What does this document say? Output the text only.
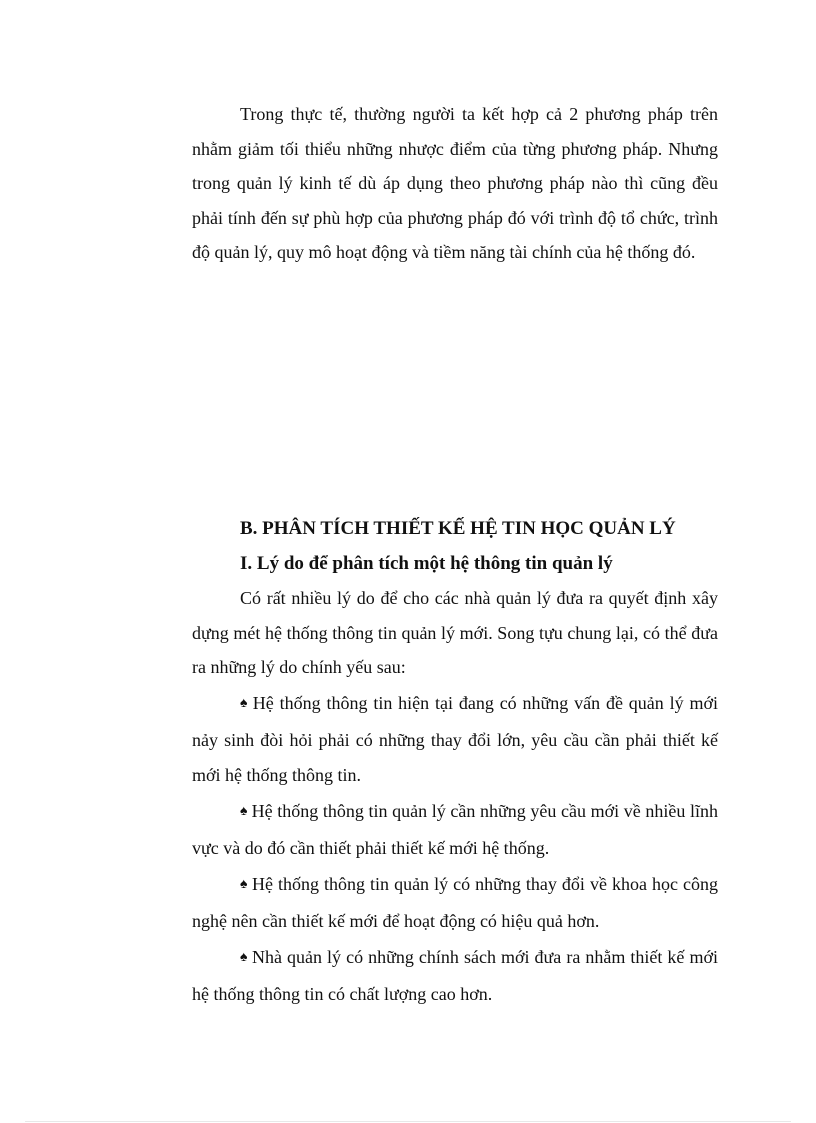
Trong thực tế, thường người ta kết hợp cả 2 phương pháp trên nhằm giảm tối thiểu những nhược điểm của từng phương pháp. Nhưng trong quản lý kinh tế dù áp dụng theo phương pháp nào thì cũng đều phải tính đến sự phù hợp của phương pháp đó với trình độ tổ chức, trình độ quản lý, quy mô hoạt động và tiềm năng tài chính của hệ thống đó.

B. PHÂN TÍCH THIẾT KẾ HỆ TIN HỌC QUẢN LÝ

I. Lý do để phân tích một hệ thông tin quản lý

Có rất nhiều lý do để cho các nhà quản lý đưa ra quyết định xây dựng mét hệ thống thông tin quản lý mới. Song tựu chung lại, có thể đưa ra những lý do chính yếu sau:

♠ Hệ thống thông tin hiện tại đang có những vấn đề quản lý mới nảy sinh đòi hỏi phải có những thay đổi lớn, yêu cầu cần phải thiết kế mới hệ thống thông tin.

♠ Hệ thống thông tin quản lý cần những yêu cầu mới về nhiều lĩnh vực và do đó cần thiết phải thiết kế mới hệ thống.

♠ Hệ thống thông tin quản lý có những thay đổi về khoa học công nghệ nên cần thiết kế mới để hoạt động có hiệu quả hơn.

♠ Nhà quản lý có những chính sách mới đưa ra nhằm thiết kế mới hệ thống thông tin có chất lượng cao hơn.
